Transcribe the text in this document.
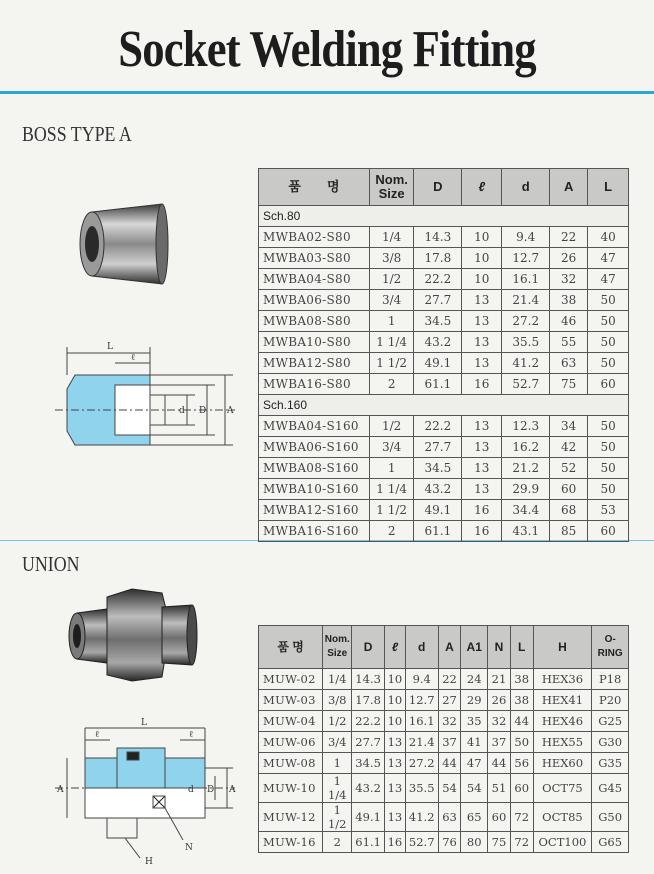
Socket Welding Fitting
BOSS TYPE A
UNION
L
ℓ
d D A
품　　명	Nom.
Size	D	ℓ	d	A	L
Sch.80						
MWBA02-S80	1/4	14.3	10	9.4	22	40
MWBA03-S80	3/8	17.8	10	12.7	26	47
MWBA04-S80	1/2	22.2	10	16.1	32	47
MWBA06-S80	3/4	27.7	13	21.4	38	50
MWBA08-S80	1	34.5	13	27.2	46	50
MWBA10-S80	1 1/4	43.2	13	35.5	55	50
MWBA12-S80	1 1/2	49.1	13	41.2	63	50
MWBA16-S80	2	61.1	16	52.7	75	60
Sch.160						
MWBA04-S160	1/2	22.2	13	12.3	34	50
MWBA06-S160	3/4	27.7	13	16.2	42	50
MWBA08-S160	1	34.5	13	21.2	52	50
MWBA10-S160	1 1/4	43.2	13	29.9	60	50
MWBA12-S160	1 1/2	49.1	16	34.4	68	53
MWBA16-S160	2	61.1	16	43.1	85	60
L
ℓ	ℓ
d D
A	A
H
N
품 명	Nom.
Size	D	ℓ	d	A	A1	N	L	H	O-RING
MUW-02	1/4	14.3	10	9.4	22	24	21	38	HEX36	P18
MUW-03	3/8	17.8	10	12.7	27	29	26	38	HEX41	P20
MUW-04	1/2	22.2	10	16.1	32	35	32	44	HEX46	G25
MUW-06	3/4	27.7	13	21.4	37	41	37	50	HEX55	G30
MUW-08	1	34.5	13	27.2	44	47	44	56	HEX60	G35
MUW-10	1 1/4	43.2	13	35.5	54	54	51	60	OCT75	G45
MUW-12	1 1/2	49.1	13	41.2	63	65	60	72	OCT85	G50
MUW-16	2	61.1	16	52.7	76	80	75	72	OCT100	G65
